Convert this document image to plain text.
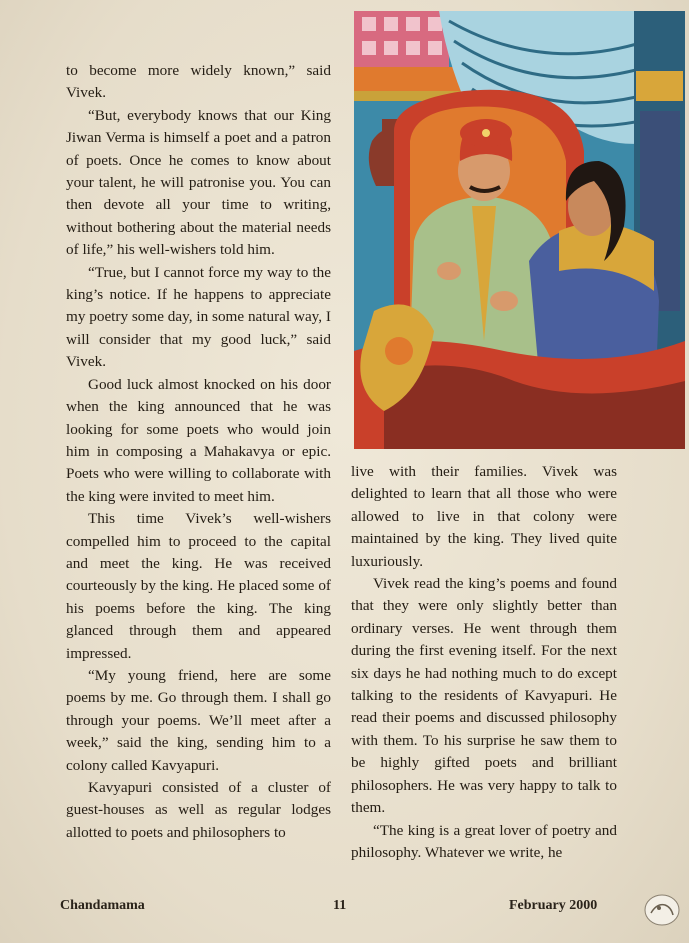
to become more widely known,” said Vivek.

“But, everybody knows that our King Jiwan Verma is himself a poet and a patron of poets. Once he comes to know about your talent, he will patronise you. You can then devote all your time to writing, without bothering about the material needs of life,” his well-wishers told him.

“True, but I cannot force my way to the king’s notice. If he happens to appreciate my poetry some day, in some natural way, I will consider that my good luck,” said Vivek.

Good luck almost knocked on his door when the king announced that he was looking for some poets who would join him in composing a Mahakavya or epic. Poets who were willing to collaborate with the king were invited to meet him.

This time Vivek’s well-wishers compelled him to proceed to the capital and meet the king. He was received courteously by the king. He placed some of his poems before the king. The king glanced through them and appeared impressed.

“My young friend, here are some poems by me. Go through them. I shall go through your poems. We’ll meet after a week,” said the king, sending him to a colony called Kavyapuri.

Kavyapuri consisted of a cluster of guest-houses as well as regular lodges allotted to poets and philosophers to

live with their families. Vivek was delighted to learn that all those who were allowed to live in that colony were maintained by the king. They lived quite luxuriously.

Vivek read the king’s poems and found that they were only slightly better than ordinary verses. He went through them during the first evening itself. For the next six days he had nothing much to do except talking to the residents of Kavyapuri. He read their poems and discussed philosophy with them. To his surprise he saw them to be highly gifted poets and brilliant philosophers. He was very happy to talk to them.

“The king is a great lover of poetry and philosophy. Whatever we write, he

Chandamama	11	February 2000
